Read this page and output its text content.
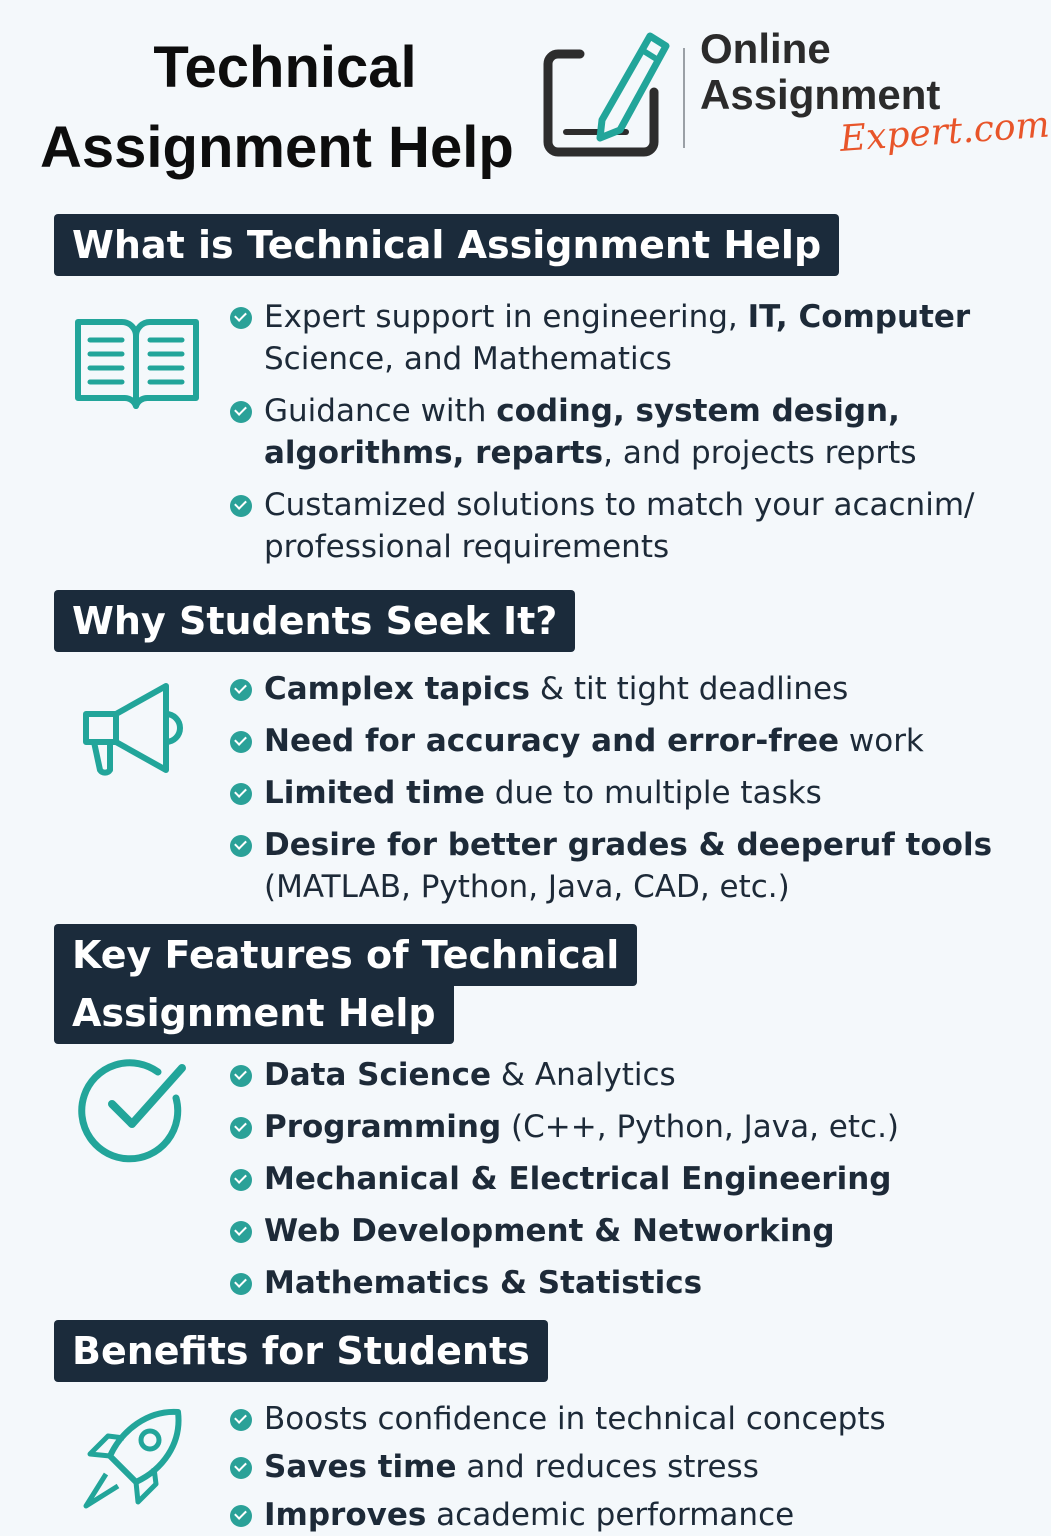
Technical
Assignment Help
Online
Assignment
Expert.com
What is Technical Assignment Help
Expert support in engineering, IT, Computer Science, and Mathematics
Guidance with coding, system design, algorithms, reparts, and projects reprts
Custamized solutions to match your acacnim/ professional requirements
Why Students Seek It?
Camplex tapics & tit tight deadlines
Need for accuracy and error-free work
Limited time due to multiple tasks
Desire for better grades & deeperuf tools (MATLAB, Python, Java, CAD, etc.)
Key Features of Technical
Assignment Help
Data Science & Analytics
Programming (C++, Python, Java, etc.)
Mechanical & Electrical Engineering
Web Development & Networking
Mathematics & Statistics
Benefits for Students
Boosts confidence in technical concepts
Saves time and reduces stress
Improves academic performance
